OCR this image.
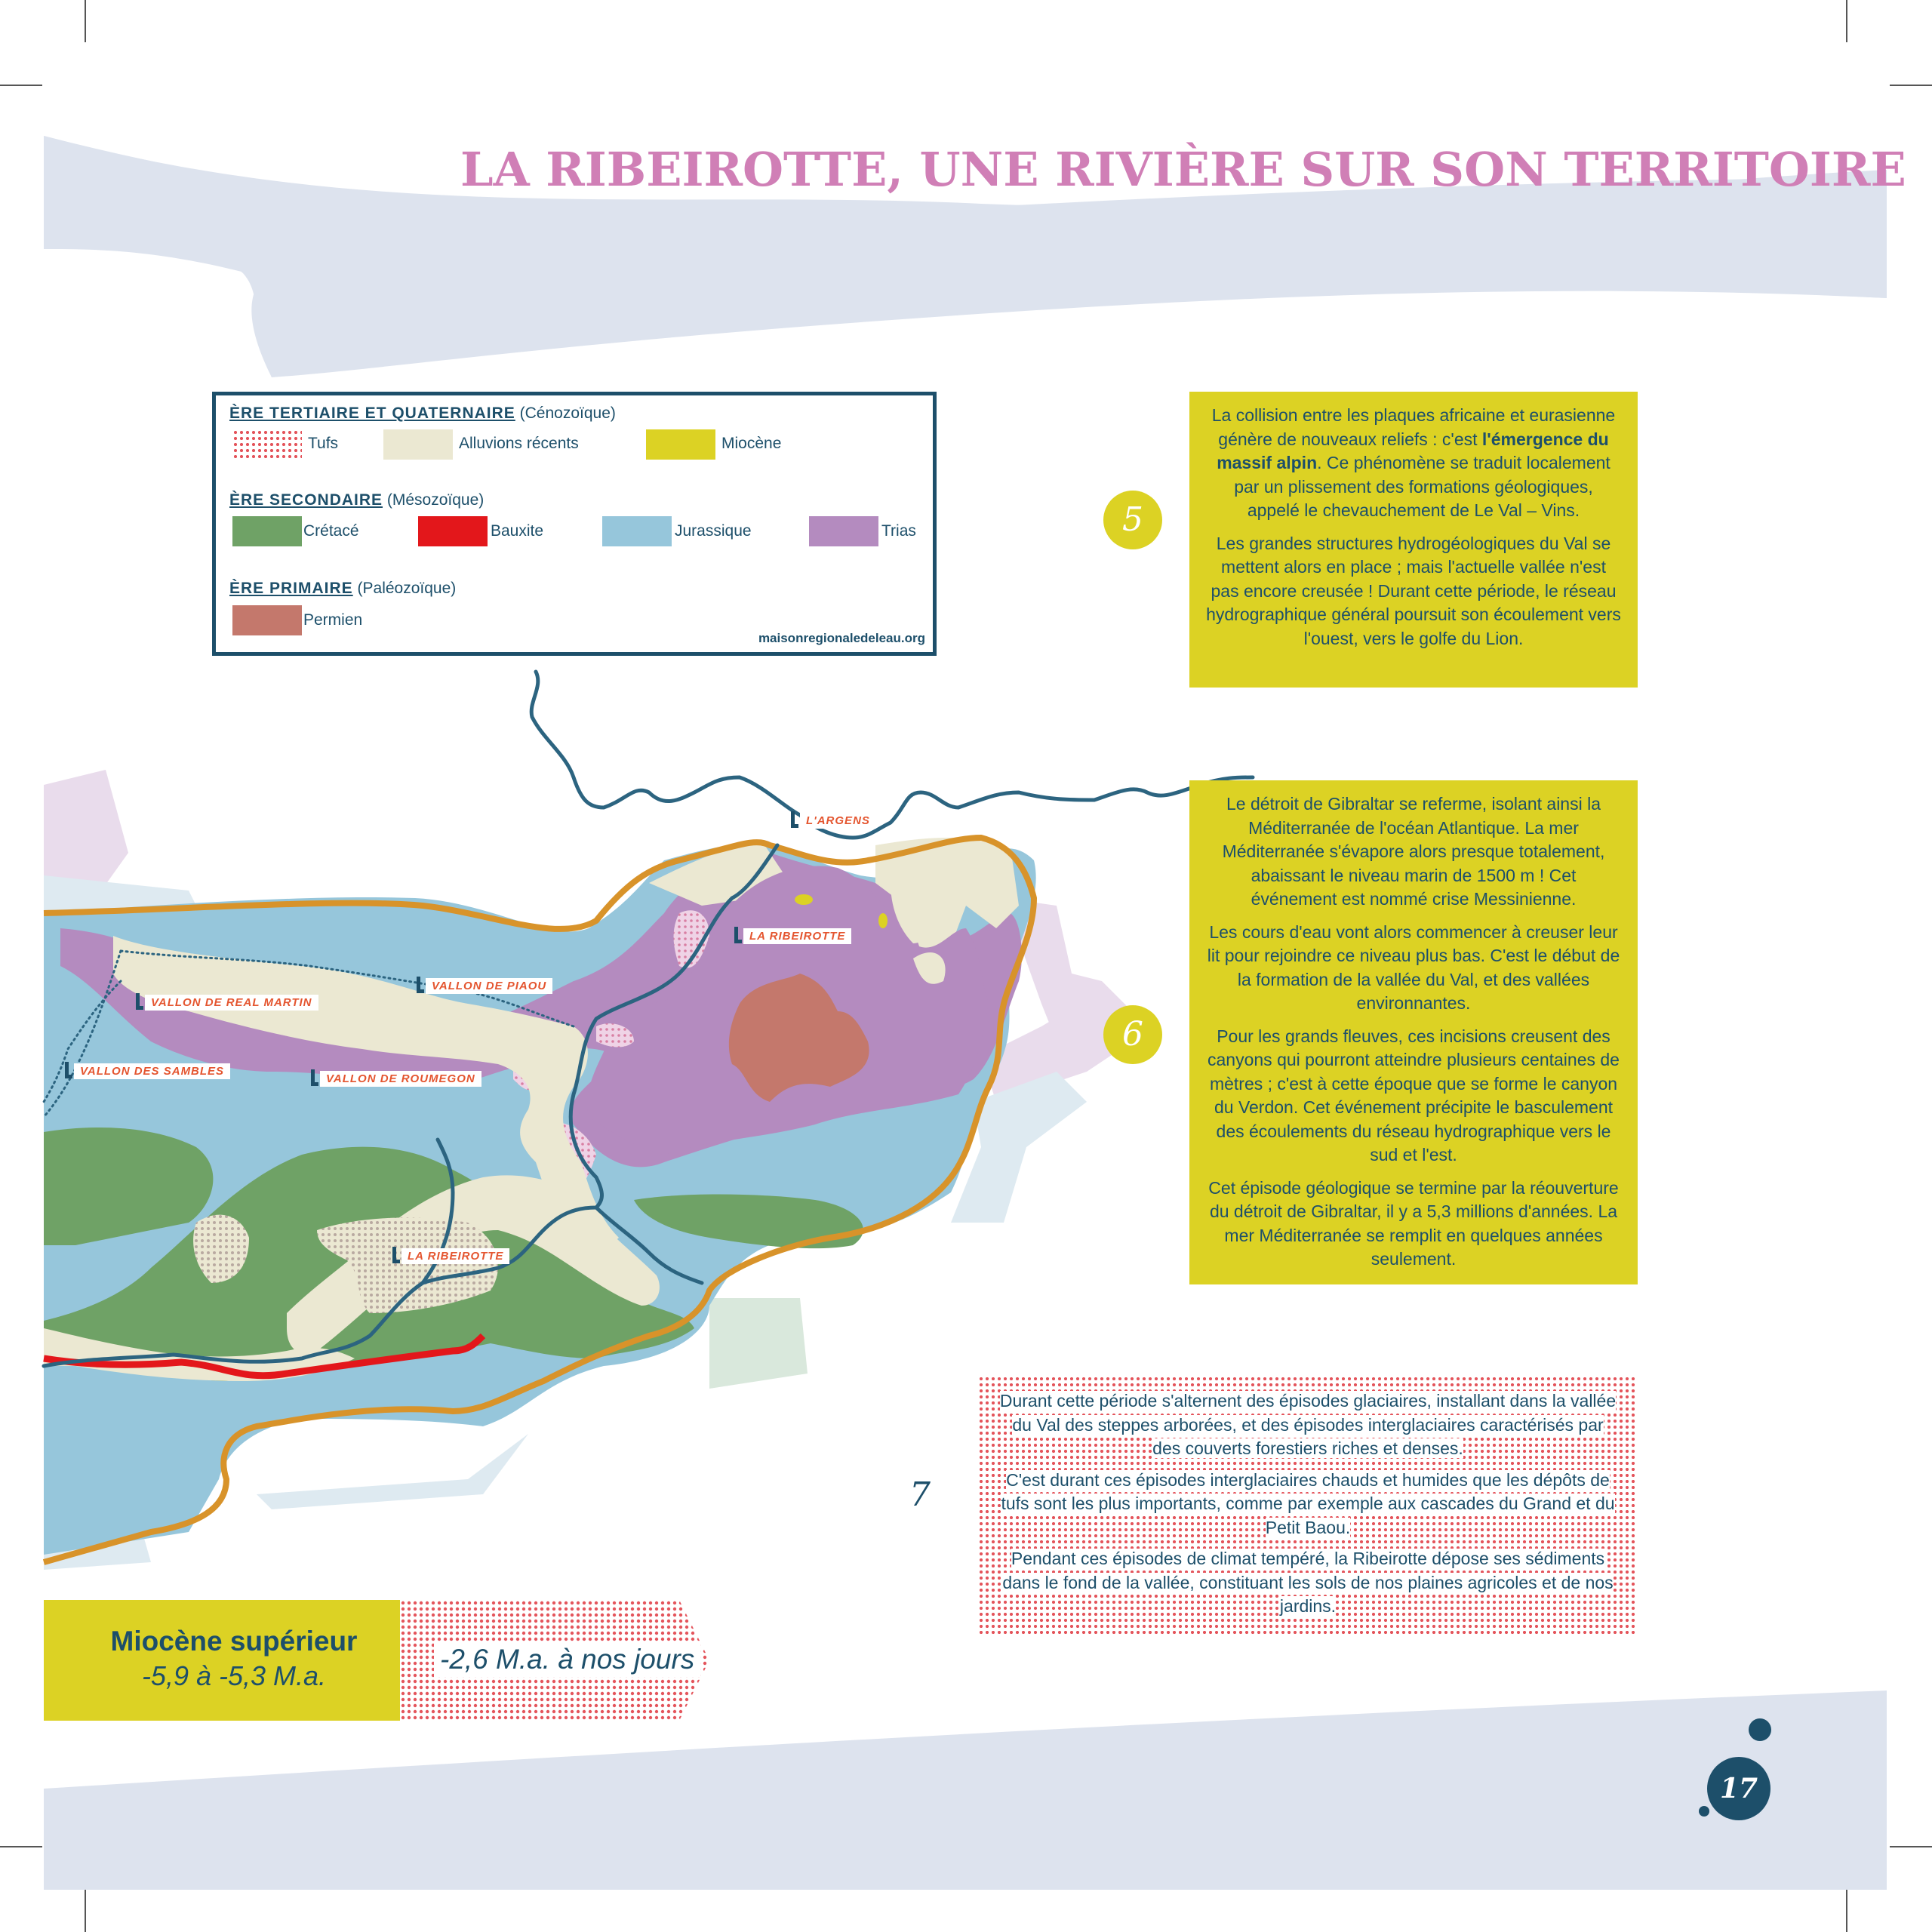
LA RIBEIROTTE, UNE RIVIÈRE SUR SON TERRITOIRE
ÈRE TERTIAIRE ET QUATERNAIRE (Cénozoïque)
Tufs	Alluvions récents	Miocène
ÈRE SECONDAIRE (Mésozoïque)
Crétacé	Bauxite	Jurassique	Trias
ÈRE PRIMAIRE (Paléozoïque)
Permien
maisonregionaledeleau.org
L'ARGENS
LA RIBEIROTTE
VALLON DE PIAOU
VALLON DE REAL MARTIN
VALLON DES SAMBLES
VALLON DE ROUMEGON
LA RIBEIROTTE
5

La collision entre les plaques africaine et eurasienne génère de nouveaux reliefs : c'est l'émergence du massif alpin. Ce phénomène se traduit localement par un plissement des formations géologiques, appelé le chevauchement de Le Val – Vins.

Les grandes structures hydrogéologiques du Val se mettent alors en place ; mais l'actuelle vallée n'est pas encore creusée ! Durant cette période, le réseau hydrographique général poursuit son écoulement vers l'ouest, vers le golfe du Lion.

6

Le détroit de Gibraltar se referme, isolant ainsi la Méditerranée de l'océan Atlantique. La mer Méditerranée s'évapore alors presque totalement, abaissant le niveau marin de 1500 m ! Cet événement est nommé crise Messinienne.

Les cours d'eau vont alors commencer à creuser leur lit pour rejoindre ce niveau plus bas. C'est le début de la formation de la vallée du Val, et des vallées environnantes.

Pour les grands fleuves, ces incisions creusent des canyons qui pourront atteindre plusieurs centaines de mètres ; c'est à cette époque que se forme le canyon du Verdon. Cet événement précipite le basculement des écoulements du réseau hydrographique vers le sud et l'est.

Cet épisode géologique se termine par la réouverture du détroit de Gibraltar, il y a 5,3 millions d'années. La mer Méditerranée se remplit en quelques années seulement.

7

Durant cette période s'alternent des épisodes glaciaires, installant dans la vallée du Val des steppes arborées, et des épisodes interglaciaires caractérisés par des couverts forestiers riches et denses.

C'est durant ces épisodes interglaciaires chauds et humides que les dépôts de tufs sont les plus importants, comme par exemple aux cascades du Grand et du Petit Baou.

Pendant ces épisodes de climat tempéré, la Ribeirotte dépose ses sédiments dans le fond de la vallée, constituant les sols de nos plaines agricoles et de nos jardins.

Miocène supérieur
-5,9 à -5,3 M.a.
-2,6 M.a. à nos jours
17
